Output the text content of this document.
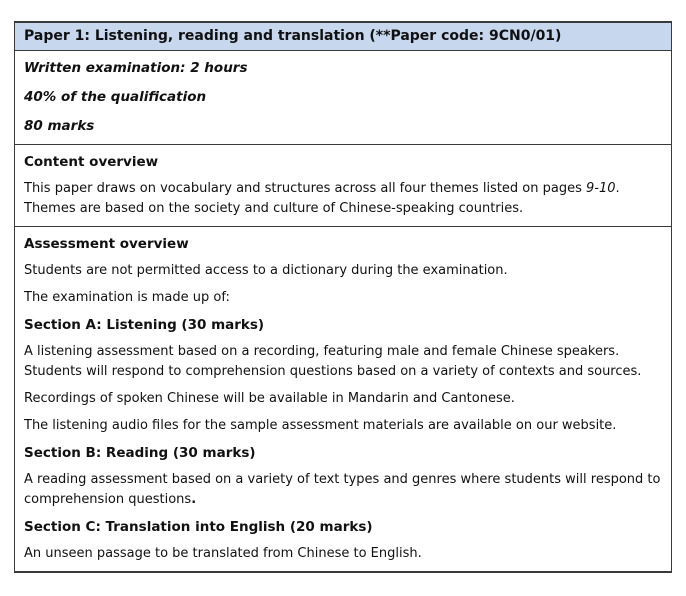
Paper 1: Listening, reading and translation (**Paper code: 9CN0/01)

Written examination: 2 hours

40% of the qualification

80 marks

Content overview

This paper draws on vocabulary and structures across all four themes listed on pages 9-10. Themes are based on the society and culture of Chinese-speaking countries.

Assessment overview

Students are not permitted access to a dictionary during the examination.

The examination is made up of:

Section A: Listening (30 marks)

A listening assessment based on a recording, featuring male and female Chinese speakers. Students will respond to comprehension questions based on a variety of contexts and sources.

Recordings of spoken Chinese will be available in Mandarin and Cantonese.

The listening audio files for the sample assessment materials are available on our website.

Section B: Reading (30 marks)

A reading assessment based on a variety of text types and genres where students will respond to comprehension questions.

Section C: Translation into English (20 marks)

An unseen passage to be translated from Chinese to English.
